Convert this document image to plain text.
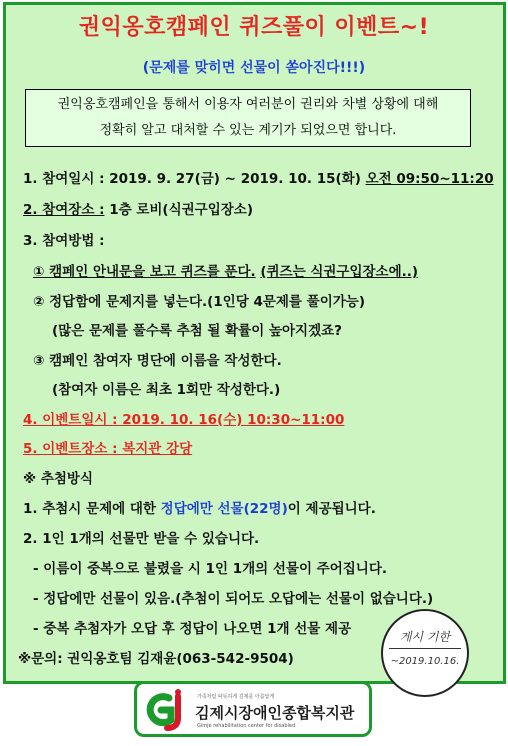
권익옹호캠페인 퀴즈풀이 이벤트~!
(문제를 맞히면 선물이 쏟아진다!!!)
권익옹호캠페인을 통해서 이용자 여러분이 권리와 차별 상황에 대해
정확히 알고 대처할 수 있는 계기가 되었으면 합니다.
1. 참여일시 : 2019. 9. 27(금) ~ 2019. 10. 15(화) 오전 09:50~11:20
2. 참여장소 : 1층 로비(식권구입장소)
3. 참여방법 :
① 캠페인 안내문을 보고 퀴즈를 푼다. (퀴즈는 식권구입장소에..)
② 정답함에 문제지를 넣는다.(1인당 4문제를 풀이가능)
(많은 문제를 풀수록 추첨 될 확률이 높아지겠죠?
③ 캠페인 참여자 명단에 이름을 작성한다.
(참여자 이름은 최초 1회만 작성한다.)
4. 이벤트일시 : 2019. 10. 16(수) 10:30~11:00
5. 이벤트장소 : 복지관 강당
※ 추첨방식
1. 추첨시 문제에 대한 정답에만 선물(22명)이 제공됩니다.
2. 1인 1개의 선물만 받을 수 있습니다.
- 이름이 중복으로 불렸을 시 1인 1개의 선물이 주어집니다.
- 정답에만 선물이 있음.(추첨이 되어도 오답에는 선물이 없습니다.)
- 중복 추첨자가 오답 후 정답이 나오면 1개 선물 제공
※문의: 권익옹호팀 김재윤(063-542-9504)
게시 기한
~2019.10.16.
가족처럼 따뜻하게 김제를 아름답게
김제시장애인종합복지관
Gimje rehabilitation center for disabled
